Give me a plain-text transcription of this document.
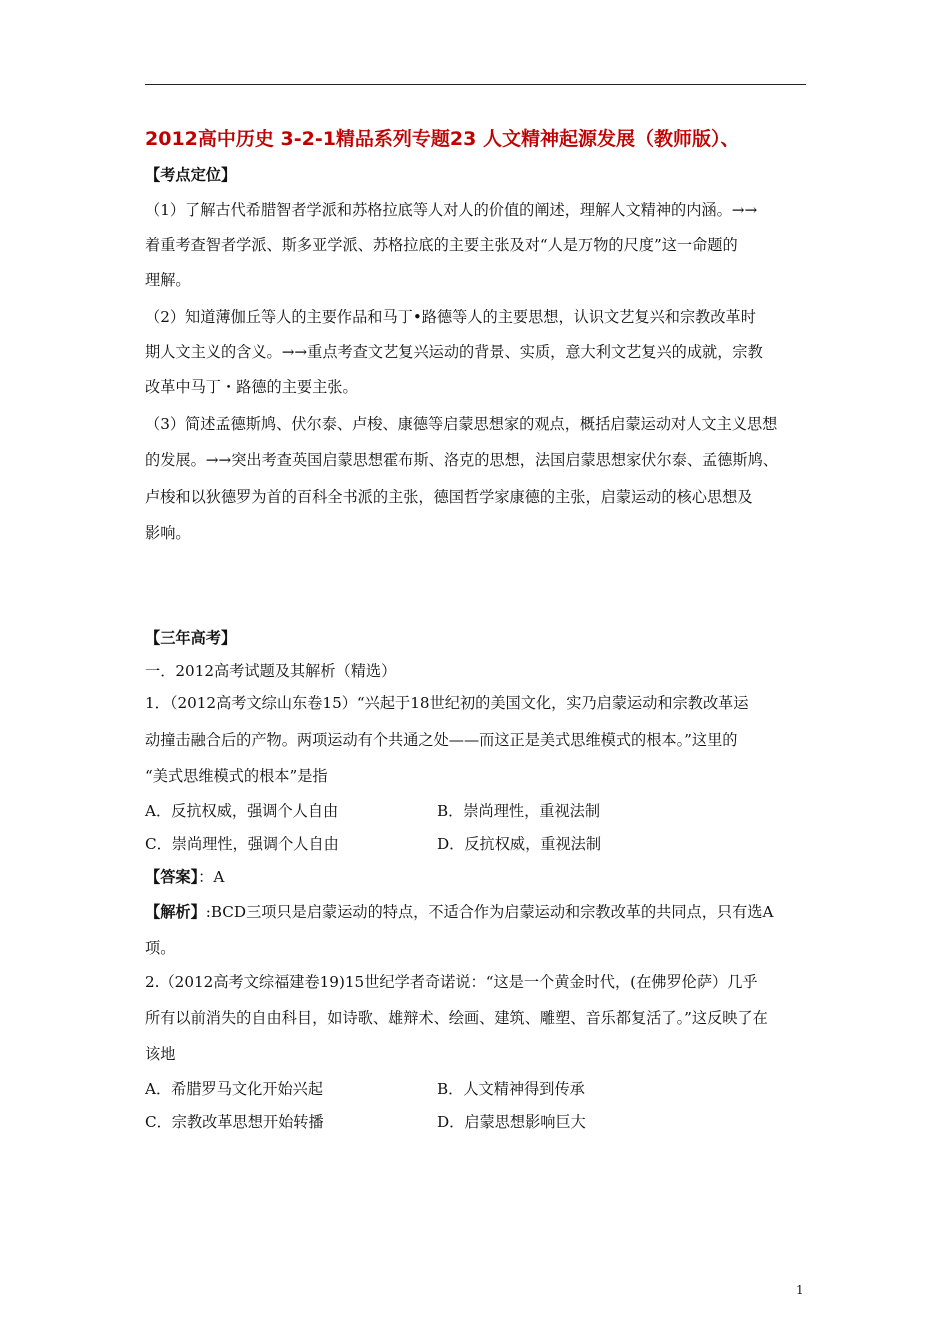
2012高中历史 3-2-1精品系列专题23 人文精神起源发展（教师版）、
【考点定位】
（1）了解古代希腊智者学派和苏格拉底等人对人的价值的阐述，理解人文精神的内涵。→→
着重考查智者学派、斯多亚学派、苏格拉底的主要主张及对“人是万物的尺度”这一命题的
理解。
（2）知道薄伽丘等人的主要作品和马丁•路德等人的主要思想，认识文艺复兴和宗教改革时
期人文主义的含义。→→重点考查文艺复兴运动的背景、实质，意大利文艺复兴的成就，宗教
改革中马丁・路德的主要主张。
（3）简述孟德斯鸠、伏尔泰、卢梭、康德等启蒙思想家的观点，概括启蒙运动对人文主义思想
的发展。→→突出考查英国启蒙思想霍布斯、洛克的思想，法国启蒙思想家伏尔泰、孟德斯鸠、
卢梭和以狄德罗为首的百科全书派的主张，德国哲学家康德的主张，启蒙运动的核心思想及
影响。
【三年高考】
一．2012高考试题及其解析（精选）
1．（2012高考文综山东卷15）“兴起于18世纪初的美国文化，实乃启蒙运动和宗教改革运
动撞击融合后的产物。两项运动有个共通之处——而这正是美式思维模式的根本。”这里的
“美式思维模式的根本”是指
A．反抗权威，强调个人自由	B．崇尚理性，重视法制
C．崇尚理性，强调个人自由	D．反抗权威，重视法制
【答案】：A
【解析】:BCD三项只是启蒙运动的特点，不适合作为启蒙运动和宗教改革的共同点，只有选A
项。
2.（2012高考文综福建卷19)15世纪学者奇诺说：“这是一个黄金时代，(在佛罗伦萨）几乎
所有以前消失的自由科目，如诗歌、雄辩术、绘画、建筑、雕塑、音乐都复活了。”这反映了在
该地
A．希腊罗马文化开始兴起	B．人文精神得到传承
C．宗教改革思想开始转播	D．启蒙思想影响巨大
1
